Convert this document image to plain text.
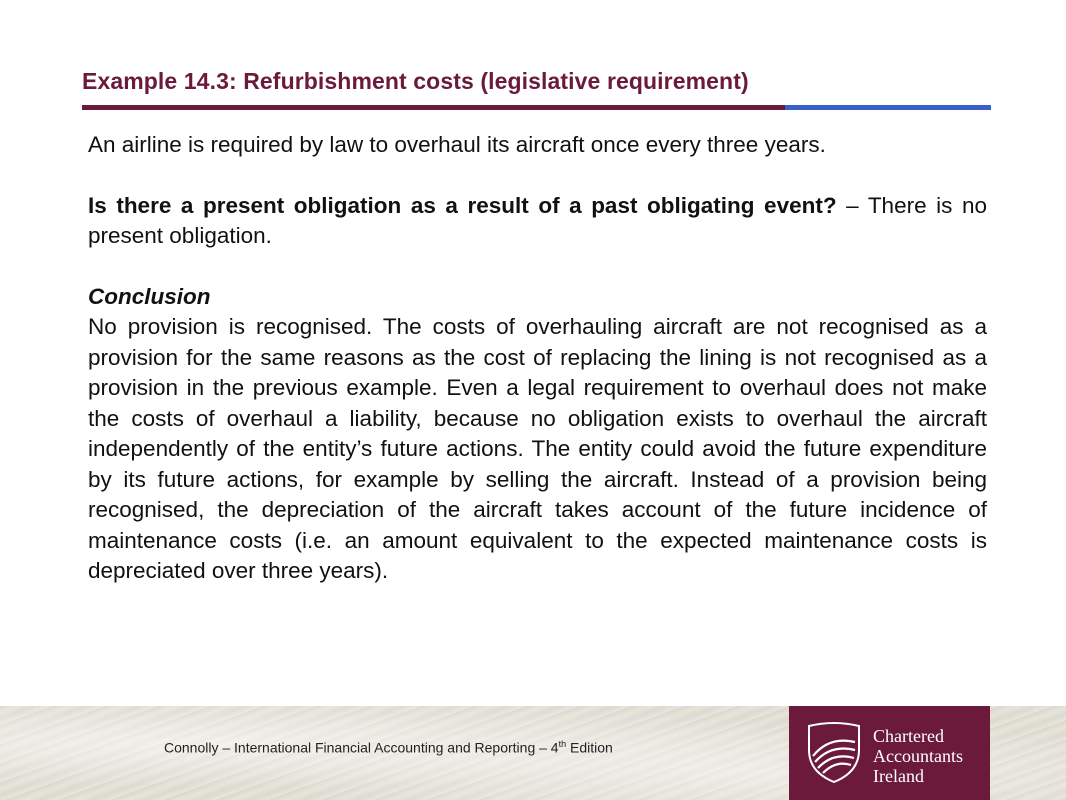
Example 14.3: Refurbishment costs (legislative requirement)

An airline is required by law to overhaul its aircraft once every three years.

Is there a present obligation as a result of a past obligating event? – There is no present obligation.

Conclusion

No provision is recognised. The costs of overhauling aircraft are not recognised as a provision for the same reasons as the cost of replacing the lining is not recognised as a provision in the previous example. Even a legal requirement to overhaul does not make the costs of overhaul a liability, because no obligation exists to overhaul the aircraft independently of the entity’s future actions. The entity could avoid the future expenditure by its future actions, for example by selling the aircraft. Instead of a provision being recognised, the depreciation of the aircraft takes account of the future incidence of maintenance costs (i.e. an amount equivalent to the expected maintenance costs is depreciated over three years).

Connolly – International Financial Accounting and Reporting – 4th Edition
Chartered
Accountants
Ireland
